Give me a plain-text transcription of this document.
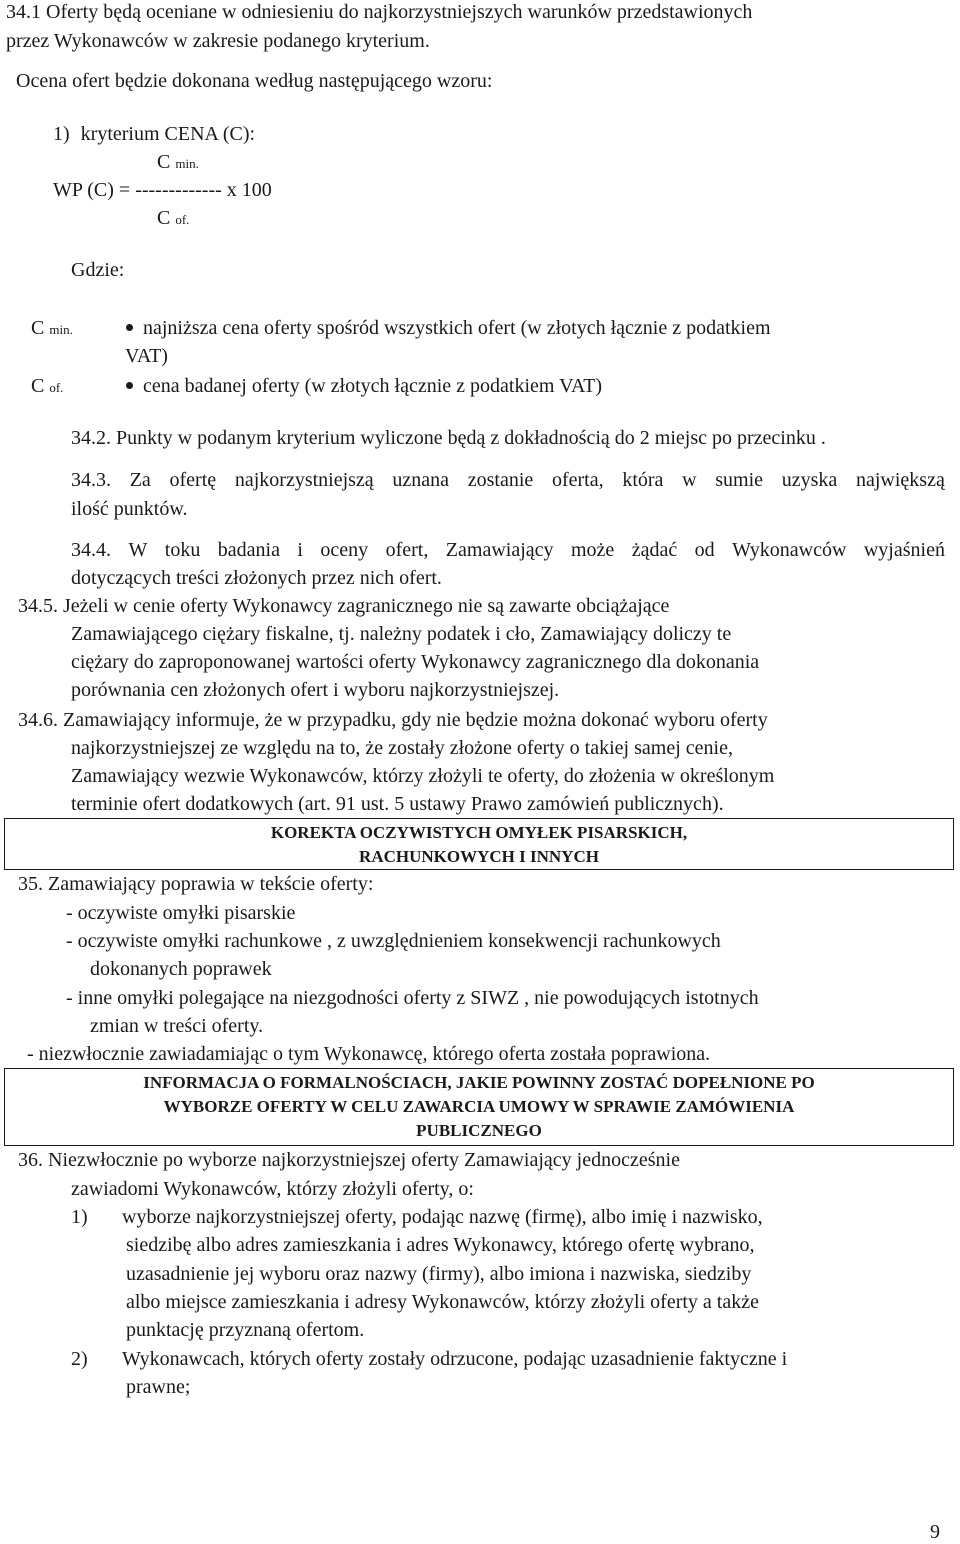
34.1 Oferty będą oceniane w odniesieniu do najkorzystniejszych warunków przedstawionych
przez Wykonawców w zakresie podanego kryterium.
Ocena ofert będzie dokonana według następującego wzoru:
1) kryterium CENA (C):
C min.
WP (C) = ------------- x 100
C of.
Gdzie:
C min.	najniższa cena oferty spośród wszystkich ofert (w złotych łącznie z podatkiem
VAT)
C of.	cena badanej oferty (w złotych łącznie z podatkiem VAT)
34.2. Punkty w podanym kryterium wyliczone będą z dokładnością do 2 miejsc po przecinku .
34.3. Za ofertę najkorzystniejszą uznana zostanie oferta, która w sumie uzyska największą
ilość punktów.
34.4. W toku badania i oceny ofert, Zamawiający może żądać od Wykonawców wyjaśnień
dotyczących treści złożonych przez nich ofert.
34.5. Jeżeli w cenie oferty Wykonawcy zagranicznego nie są zawarte obciążające
Zamawiającego ciężary fiskalne, tj. należny podatek i cło, Zamawiający doliczy te
ciężary do zaproponowanej wartości oferty Wykonawcy zagranicznego dla dokonania
porównania cen złożonych ofert i wyboru najkorzystniejszej.
34.6. Zamawiający informuje, że w przypadku, gdy nie będzie można dokonać wyboru oferty
najkorzystniejszej ze względu na to, że zostały złożone oferty o takiej samej cenie,
Zamawiający wezwie Wykonawców, którzy złożyli te oferty, do złożenia w określonym
terminie ofert dodatkowych (art. 91 ust. 5 ustawy Prawo zamówień publicznych).
KOREKTA OCZYWISTYCH OMYŁEK PISARSKICH,
RACHUNKOWYCH I INNYCH
35. Zamawiający poprawia w tekście oferty:
- oczywiste omyłki pisarskie
- oczywiste omyłki rachunkowe , z uwzględnieniem konsekwencji rachunkowych
dokonanych poprawek
- inne omyłki polegające na niezgodności oferty z SIWZ , nie powodujących istotnych
zmian w treści oferty.
- niezwłocznie zawiadamiając o tym Wykonawcę, którego oferta została poprawiona.
INFORMACJA O FORMALNOŚCIACH, JAKIE POWINNY ZOSTAĆ DOPEŁNIONE PO
WYBORZE OFERTY W CELU ZAWARCIA UMOWY W SPRAWIE ZAMÓWIENIA
PUBLICZNEGO
36. Niezwłocznie po wyborze najkorzystniejszej oferty Zamawiający jednocześnie
zawiadomi Wykonawców, którzy złożyli oferty, o:
1) wyborze najkorzystniejszej oferty, podając nazwę (firmę), albo imię i nazwisko,
siedzibę albo adres zamieszkania i adres Wykonawcy, którego ofertę wybrano,
uzasadnienie jej wyboru oraz nazwy (firmy), albo imiona i nazwiska, siedziby
albo miejsce zamieszkania i adresy Wykonawców, którzy złożyli oferty a także
punktację przyznaną ofertom.
2) Wykonawcach, których oferty zostały odrzucone, podając uzasadnienie faktyczne i
prawne;
9
